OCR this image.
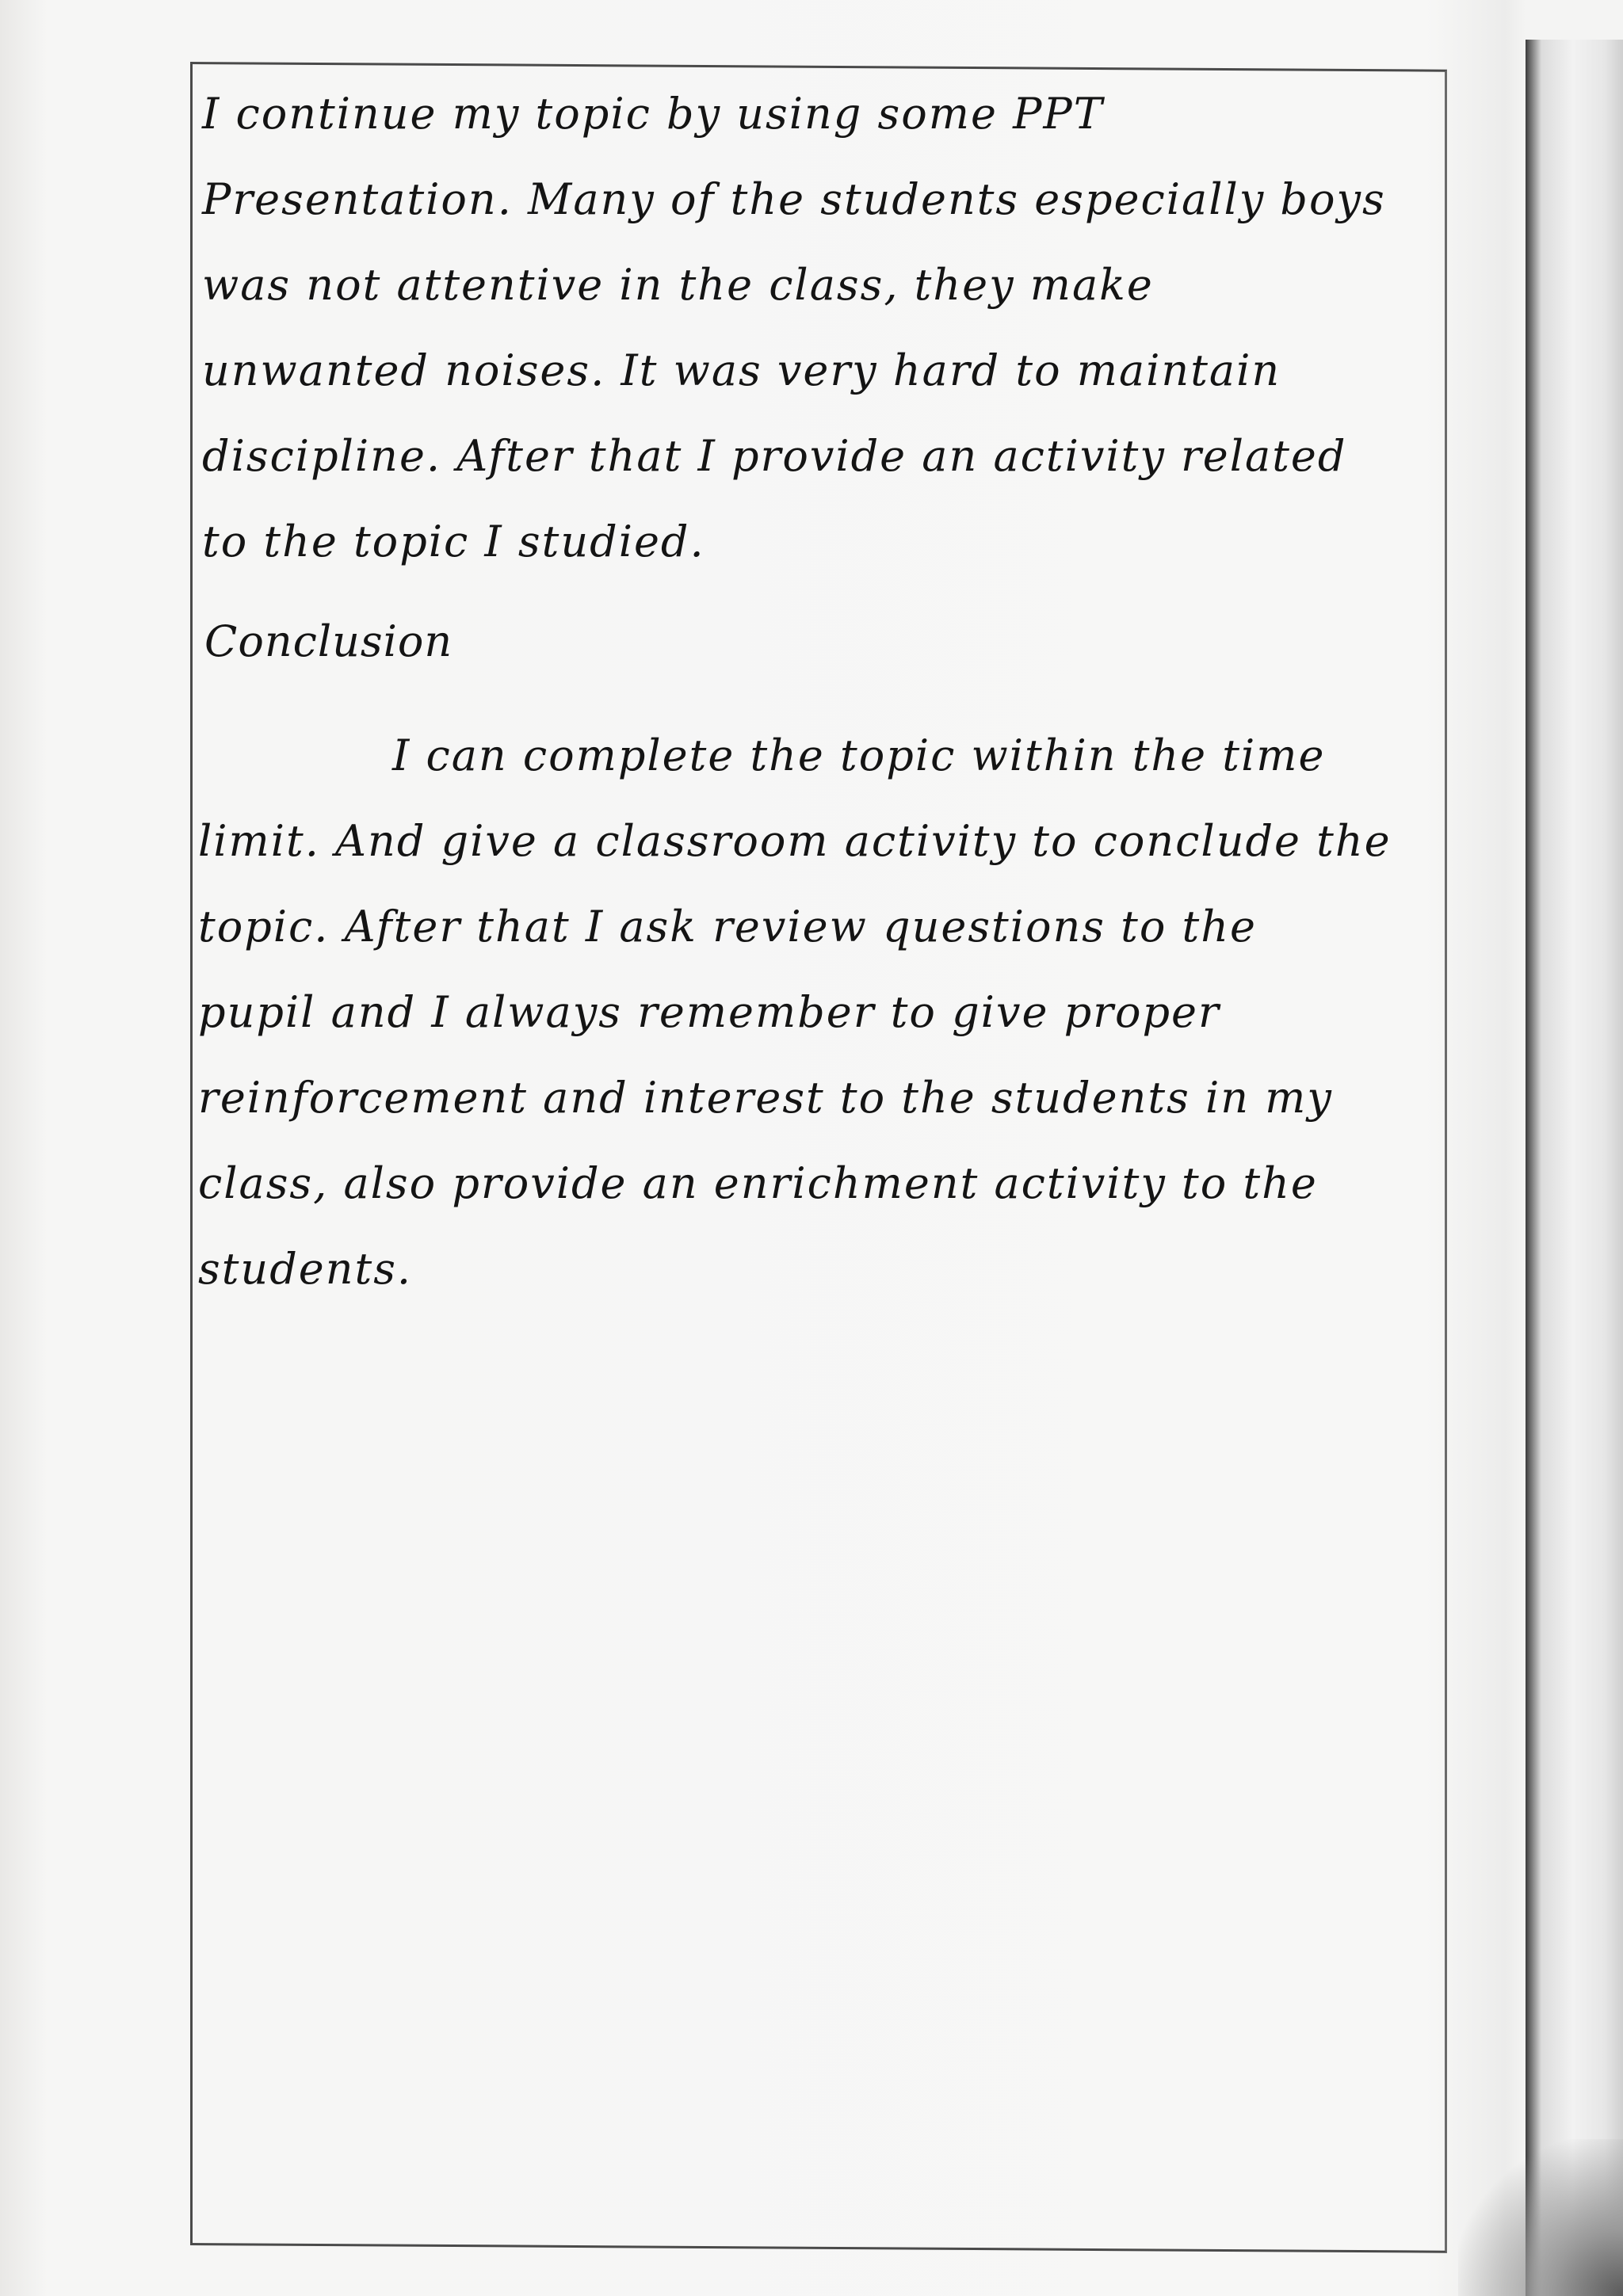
I continue my topic by using some PPT
Presentation. Many of the students especially boys
was not attentive in the class, they make
unwanted noises. It was very hard to maintain
discipline. After that I provide an activity related
to the topic I studied.
Conclusion
I can complete the topic within the time
limit. And give a classroom activity to conclude the
topic. After that I ask review questions to the
pupil and I always remember to give proper
reinforcement and interest to the students in my
class, also provide an enrichment activity to the
students.
